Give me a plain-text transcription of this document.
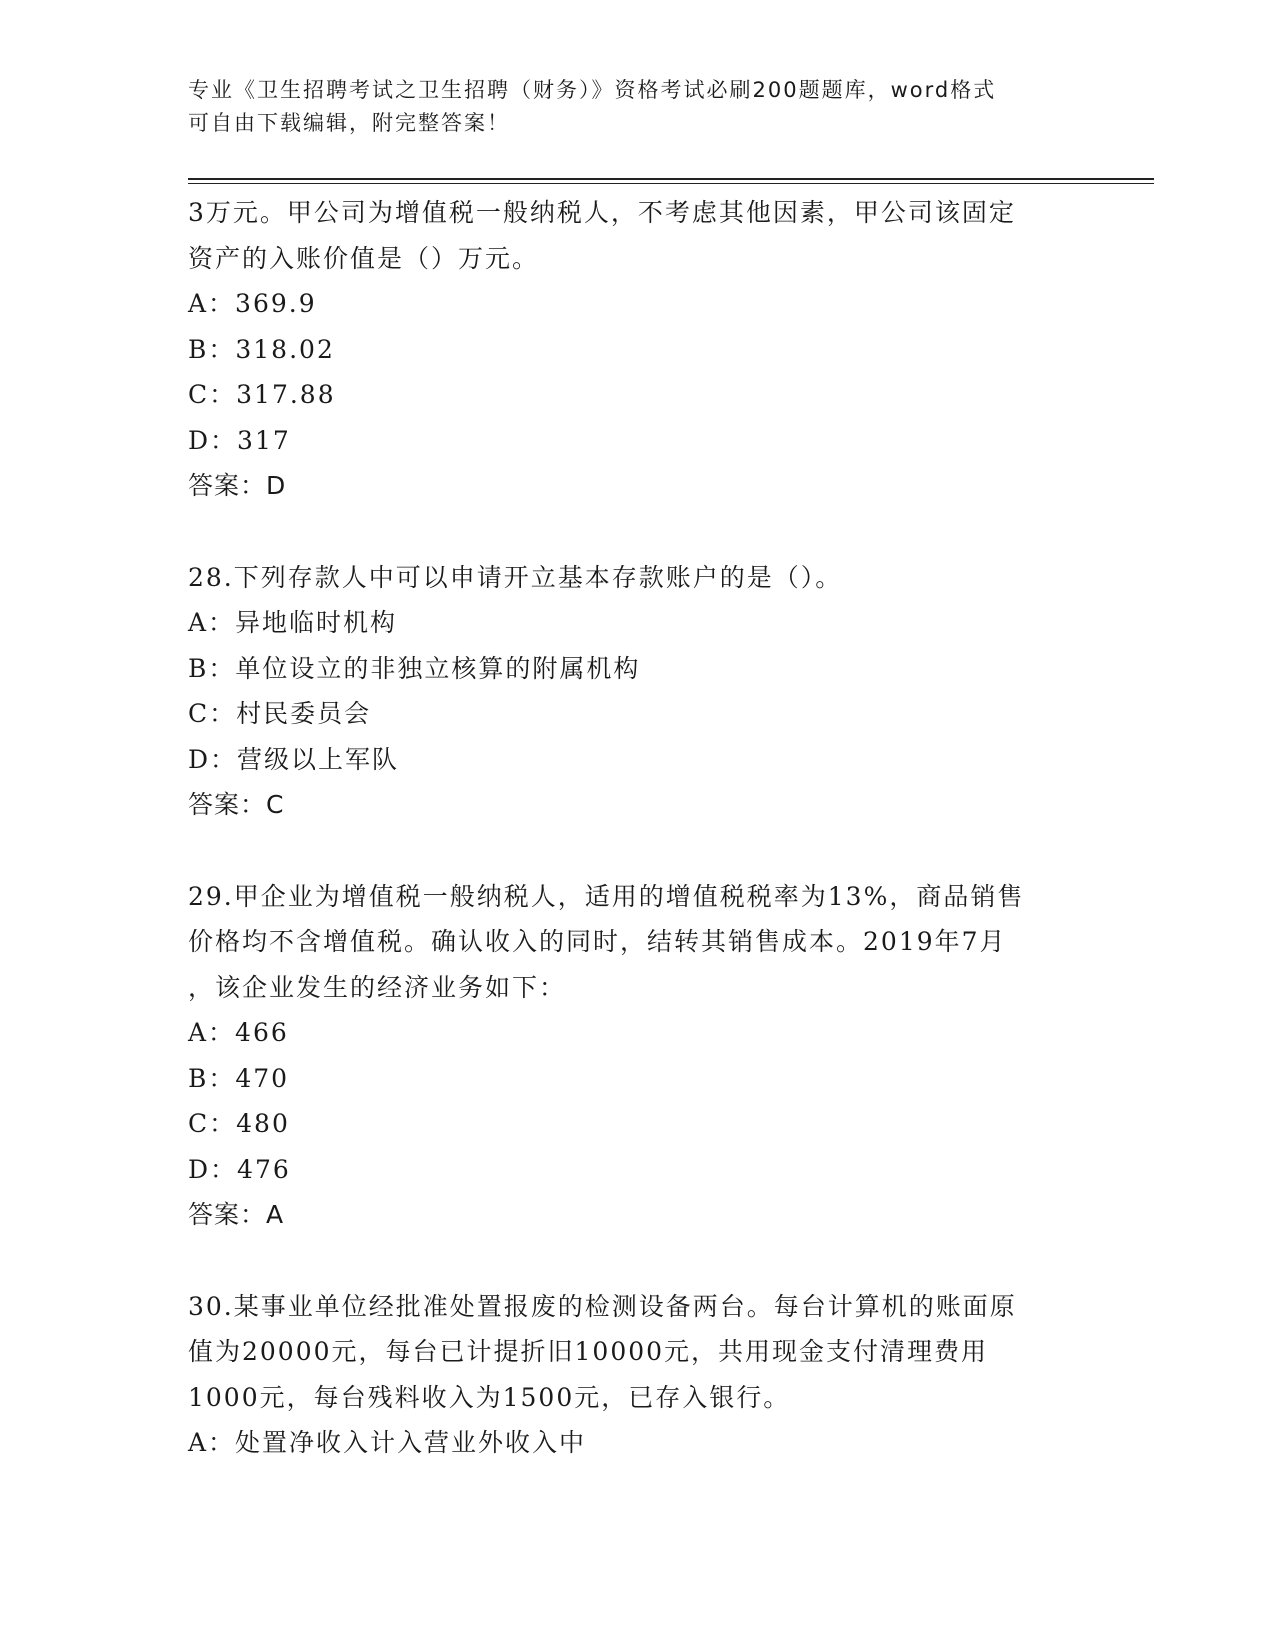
专业《卫生招聘考试之卫生招聘（财务）》资格考试必刷200题题库，word格式
可自由下载编辑，附完整答案！
3万元。甲公司为增值税一般纳税人，不考虑其他因素，甲公司该固定
资产的入账价值是（）万元。
A：369.9
B：318.02
C：317.88
D：317
答案：D
28.下列存款人中可以申请开立基本存款账户的是（）。
A：异地临时机构
B：单位设立的非独立核算的附属机构
C：村民委员会
D：营级以上军队
答案：C
29.甲企业为增值税一般纳税人，适用的增值税税率为13%，商品销售
价格均不含增值税。确认收入的同时，结转其销售成本。2019年7月
，该企业发生的经济业务如下：
A：466
B：470
C：480
D：476
答案：A
30.某事业单位经批准处置报废的检测设备两台。每台计算机的账面原
值为20000元，每台已计提折旧10000元，共用现金支付清理费用
1000元，每台残料收入为1500元，已存入银行。
A：处置净收入计入营业外收入中
